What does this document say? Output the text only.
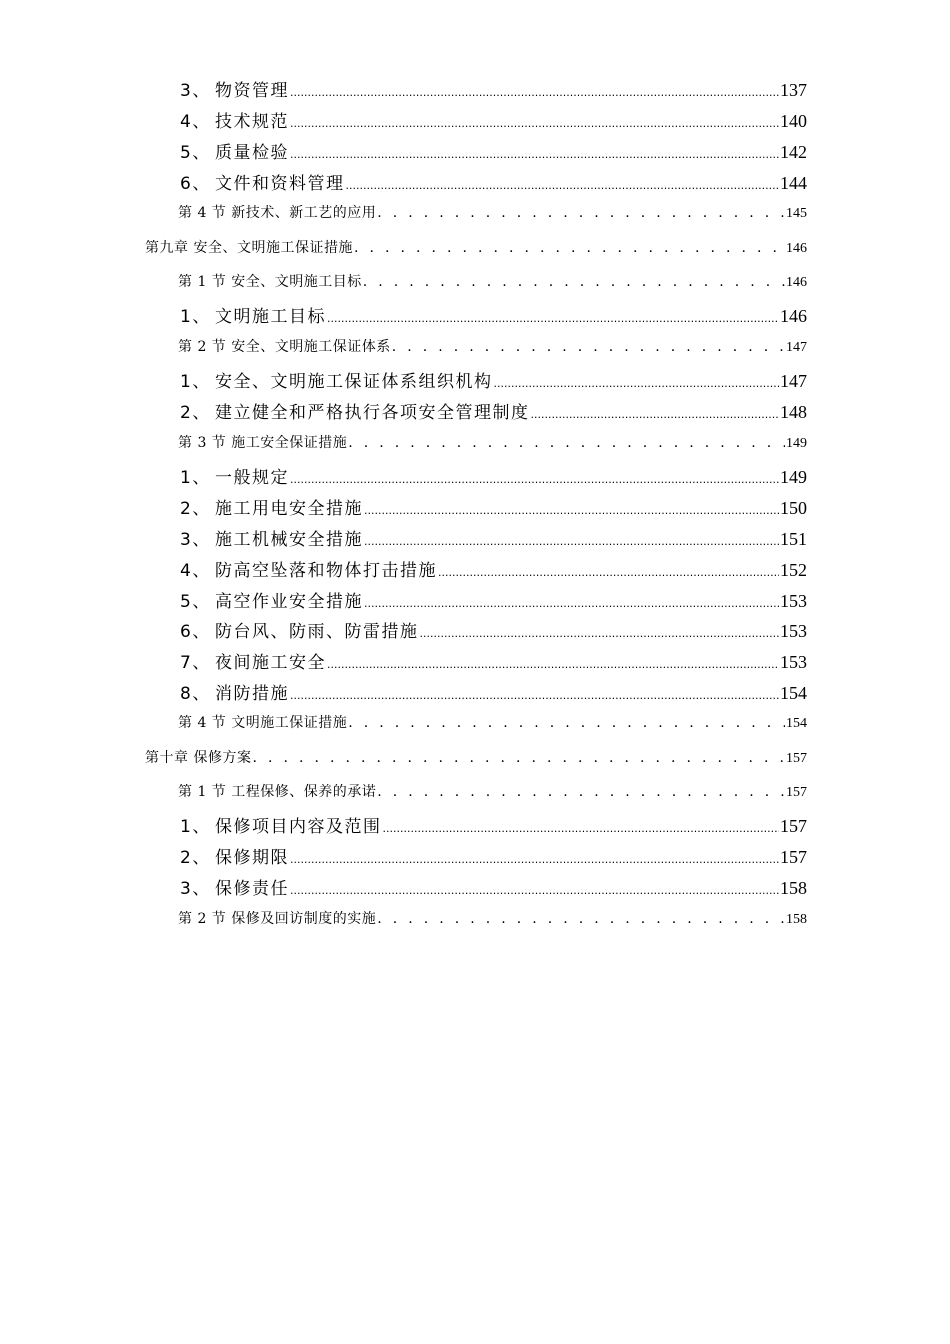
3、 物资管理 .....	137
4、 技术规范 .....	140
5、 质量检验 .....	142
6、 文件和资料管理 .....	144
第 4 节 新技术、新工艺的应用 . . .	145
第九章 安全、文明施工保证措施 . . .	146
第 1 节 安全、文明施工目标 . . .	146
1、 文明施工目标 .....	146
第 2 节 安全、文明施工保证体系 . . .	147
1、 安全、文明施工保证体系组织机构 .....	147
2、 建立健全和严格执行各项安全管理制度 .....	148
第 3 节 施工安全保证措施 . . .	149
1、 一般规定 .....	149
2、 施工用电安全措施 .....	150
3、 施工机械安全措施 .....	151
4、 防高空坠落和物体打击措施 .....	152
5、 高空作业安全措施 .....	153
6、 防台风、防雨、防雷措施 .....	153
7、 夜间施工安全 .....	153
8、 消防措施 .....	154
第 4 节 文明施工保证措施 . . .	154
第十章 保修方案 . . .	157
第 1 节 工程保修、保养的承诺 . . .	157
1、 保修项目内容及范围 .....	157
2、 保修期限 .....	157
3、 保修责任 .....	158
第 2 节 保修及回访制度的实施 . . .	158
